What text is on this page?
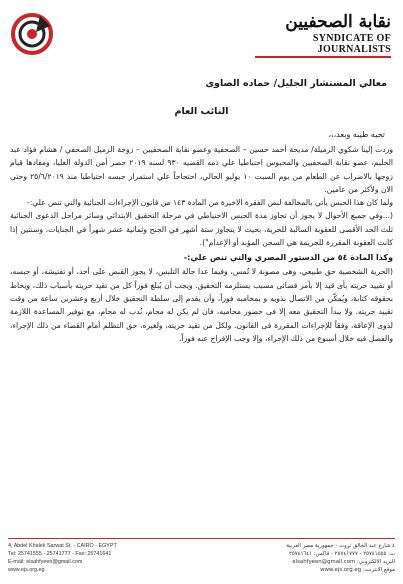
نقابة الصحفيين
SYNDICATE OF JOURNALISTS

معالي المستشار الجليل/ حماده الصاوى

النائب العام

تحيه طيبه وبعد،،،

وردت إلينا شكوي الزميلة/ مديحة أحمد حسين – الصحفية وعضو نقابة الصحفيين – زوجة الزميل الصحفي / هشام فؤاد عبد الحليم، عضو نقابة الصحفيين والمحبوس احتياطيا علي ذمه القضيه ٩٣٠ لسنه ٢٠١٩ حصر أمن الدولة العليا، ومفادها قيام زوجها بالاضراب عن الطعام من يوم السبت ١٠ يوليو الحالي، احتجاجاً علي استمرار حبسه احتياطيا منذ ٢٥/٦/٢٠١٩ وحتى الان ولأكثر من عامين.

ولما كان هذا الحبس يأتي بالمخالفة لنص الفقرة الاخيرة من المادة ١٤٣ من قانون الإجراءات الجنائية والتي تنص علي:-

(...وفي جميع الأحوال لا يجوز أن تجاوز مدة الحبس الاحتياطي في مرحلة التحقيق الابتدائي وسائر مراحل الدعوى الجنائية ثلث الحد الأقصى للعقوبة السالبة للحرية، بحيث لا يتجاوز ستة أشهر في الجنح وثمانية عشر شهراً في الجنايات، وسنتين إذا كانت العقوبة المقررة للجريمة هي السجن المؤبد أو الإعدام").

وكذا المادة ٥٤ من الدستور المصري والتي تنص علي:-

(الحرية الشخصية حق طبيعي، وهى مصونة لا تُمس، وفيما عدا حالة التلبس، لا يجوز القبض على أحد، أو تفتيشه، أو حبسه، أو تقييد حريته بأى قيد إلا بأمر قضائى مسبب يستلزمه التحقيق. ويجب أن يُبلغ فوراً كل من تقيد حريته بأسباب ذلك، ويحاط بحقوقه كتابة، ويُمكّن من الاتصال بذويه و بمحاميه فوراً، وأن يقدم إلى سلطة التحقيق خلال أربع وعشرين ساعة من وقت تقييد حريته. ولا يبدأ التحقيق معه إلا فى حضور محاميه، فان لم يكن له محام، نُدب له محام، مع توفير المساعدة اللازمة لذوى الإعاقة، وفقاً للإجراءات المقررة فى القانون. ولكل من تقيد حريته، ولغيره، حق التظلم أمام القضاء من ذلك الإجراء، والفصل فيه خلال أسبوع من ذلك الإجراء، وإلا وجب الإفراج عنه فوراً.

4, Abdel Khalek Sarwat St. - CAIRO - EGYPT
Tel: 25741555 - 25741777 - Fax: 25741641
E-mail: elsahfyeen@gmail.com
www.ejs.org.eg
٤ شارع عبد الخالق ثروت - جمهورية مصر العربية
ت: ٢٥٧٤١٥٥٥ - ٢٥٧٤١٧٧٧ - فاكس: ٢٥٧٤١٦٤١
البريد الالكتروني: elsahfyeen@gmail.com
موقع الانترنت: www.ejs.org.eg
